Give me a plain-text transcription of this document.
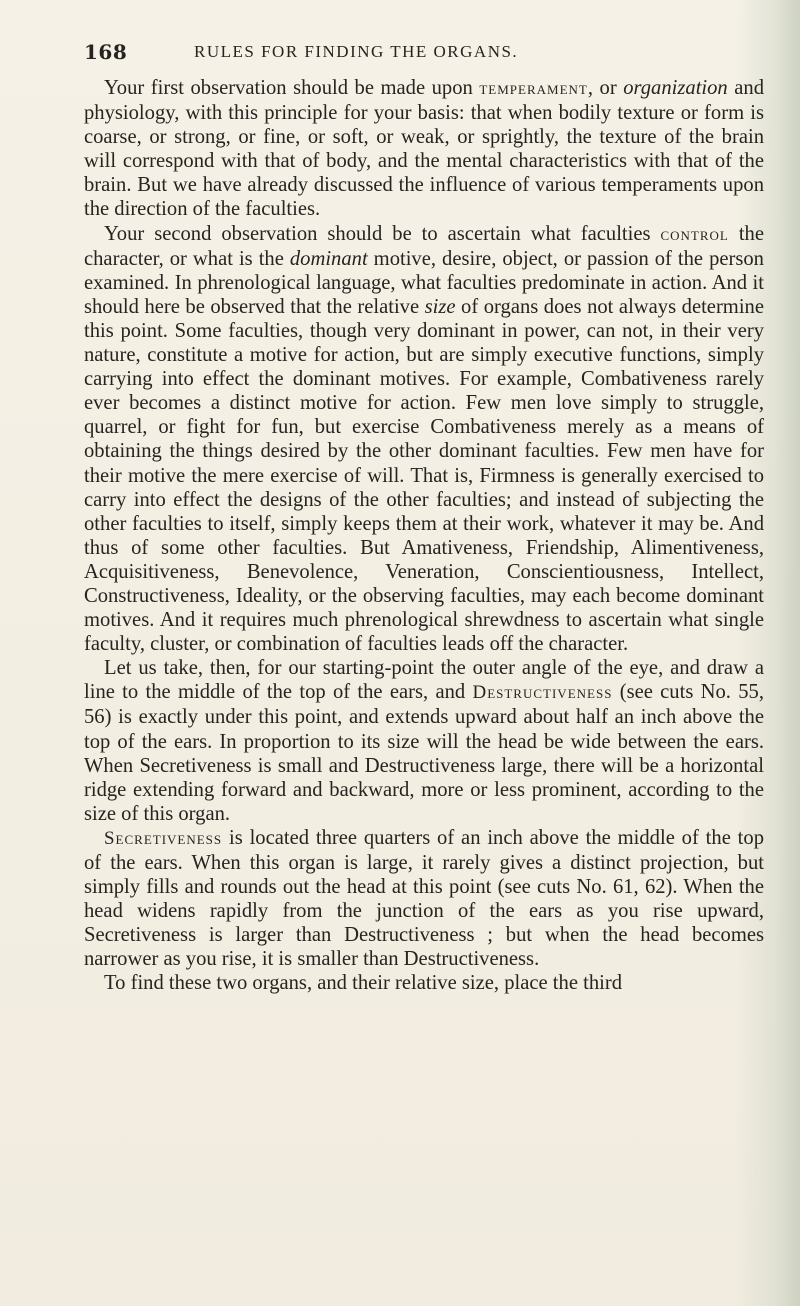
168	RULES FOR FINDING THE ORGANS.

Your first observation should be made upon temperament, or organization and physiology, with this principle for your basis: that when bodily texture or form is coarse, or strong, or fine, or soft, or weak, or sprightly, the texture of the brain will correspond with that of body, and the mental characteristics with that of the brain. But we have already discussed the influence of various temperaments upon the direction of the faculties.

Your second observation should be to ascertain what faculties control the character, or what is the dominant motive, desire, object, or passion of the person examined. In phrenological language, what faculties predominate in action. And it should here be observed that the relative size of organs does not always determine this point. Some faculties, though very dominant in power, can not, in their very nature, constitute a motive for action, but are simply executive functions, simply carrying into effect the dominant motives. For example, Combativeness rarely ever becomes a distinct motive for action. Few men love simply to struggle, quarrel, or fight for fun, but exercise Combativeness merely as a means of obtaining the things desired by the other dominant faculties. Few men have for their motive the mere exercise of will. That is, Firmness is generally exercised to carry into effect the designs of the other faculties; and instead of subjecting the other faculties to itself, simply keeps them at their work, whatever it may be. And thus of some other faculties. But Amativeness, Friendship, Alimentiveness, Acquisitiveness, Benevolence, Veneration, Conscientiousness, Intellect, Constructiveness, Ideality, or the observing faculties, may each become dominant motives. And it requires much phrenological shrewdness to ascertain what single faculty, cluster, or combination of faculties leads off the character.

Let us take, then, for our starting-point the outer angle of the eye, and draw a line to the middle of the top of the ears, and Destructiveness (see cuts No. 55, 56) is exactly under this point, and extends upward about half an inch above the top of the ears. In proportion to its size will the head be wide between the ears. When Secretiveness is small and Destructiveness large, there will be a horizontal ridge extending forward and backward, more or less prominent, according to the size of this organ.

Secretiveness is located three quarters of an inch above the middle of the top of the ears. When this organ is large, it rarely gives a distinct projection, but simply fills and rounds out the head at this point (see cuts No. 61, 62). When the head widens rapidly from the junction of the ears as you rise upward, Secretiveness is larger than Destructiveness ; but when the head becomes narrower as you rise, it is smaller than Destructiveness.

To find these two organs, and their relative size, place the third
